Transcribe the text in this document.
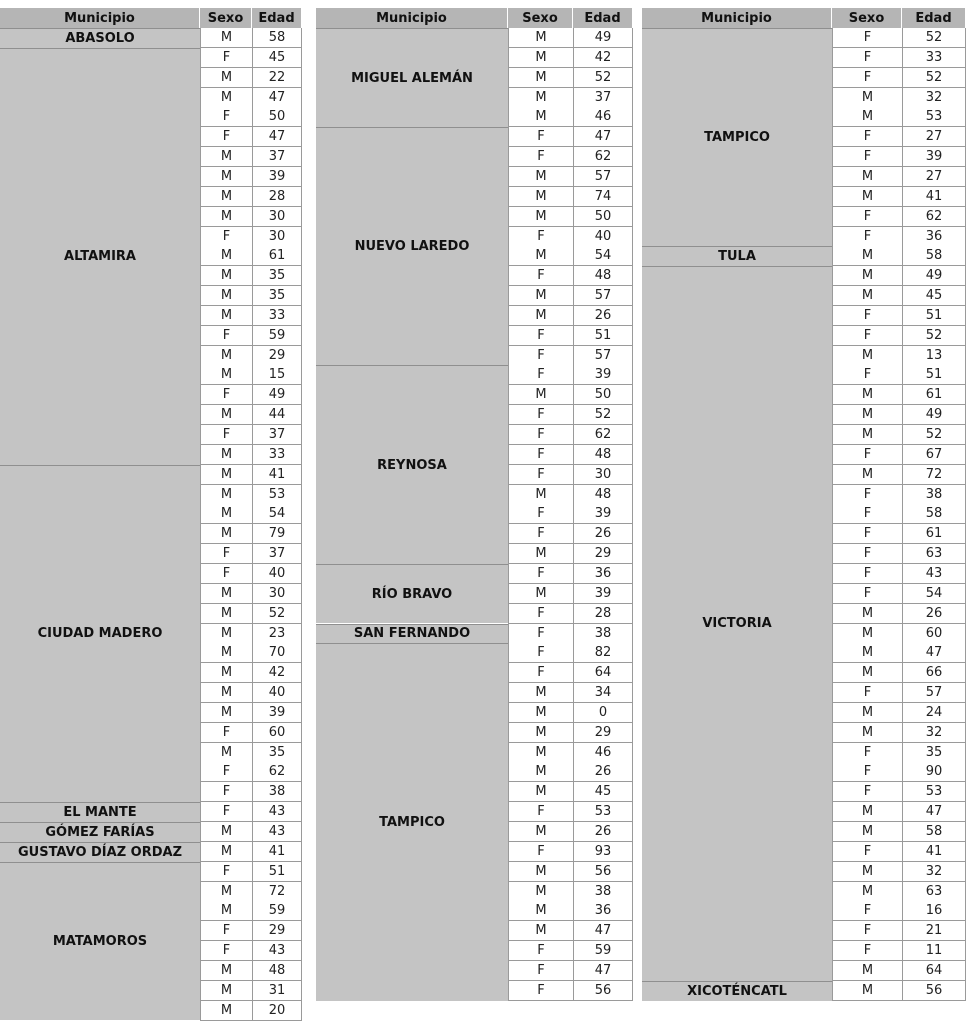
Municipio	Sexo	Edad
ABASOLO	M	58
ALTAMIRA
F	45
M	22
M	47
F	50
F	47
M	37
M	39
M	28
M	30
F	30
M	61
M	35
M	35
M	33
F	59
M	29
M	15
F	49
M	44
F	37
M	33
CIUDAD MADERO
M	41
M	53
M	54
M	79
F	37
F	40
M	30
M	52
M	23
M	70
M	42
M	40
M	39
F	60
M	35
F	62
F	38
EL MANTE	F	43
GÓMEZ FARÍAS	M	43
GUSTAVO DÍAZ ORDAZ	M	41
MATAMOROS
F	51
M	72
M	59
F	29
F	43
M	48
M	31
M	20
Municipio	Sexo	Edad
MIGUEL ALEMÁN
M	49
M	42
M	52
M	37
M	46
NUEVO LAREDO
F	47
F	62
M	57
M	74
M	50
F	40
M	54
F	48
M	57
M	26
F	51
F	57
REYNOSA
F	39
M	50
F	52
F	62
F	48
F	30
M	48
F	39
F	26
M	29
RÍO BRAVO
F	36
M	39
F	28
SAN FERNANDO	F	38
TAMPICO
F	82
F	64
M	34
M	0
M	29
M	46
M	26
M	45
F	53
M	26
F	93
M	56
M	38
M	36
M	47
F	59
F	47
F	56
Municipio	Sexo	Edad
TAMPICO
F	52
F	33
F	52
M	32
M	53
F	27
F	39
M	27
M	41
F	62
F	36
TULA	M	58
VICTORIA
M	49
M	45
F	51
F	52
M	13
F	51
M	61
M	49
M	52
F	67
M	72
F	38
F	58
F	61
F	63
F	43
F	54
M	26
M	60
M	47
M	66
F	57
M	24
M	32
F	35
F	90
F	53
M	47
M	58
F	41
M	32
M	63
F	16
F	21
F	11
M	64
XICOTÉNCATL	M	56
